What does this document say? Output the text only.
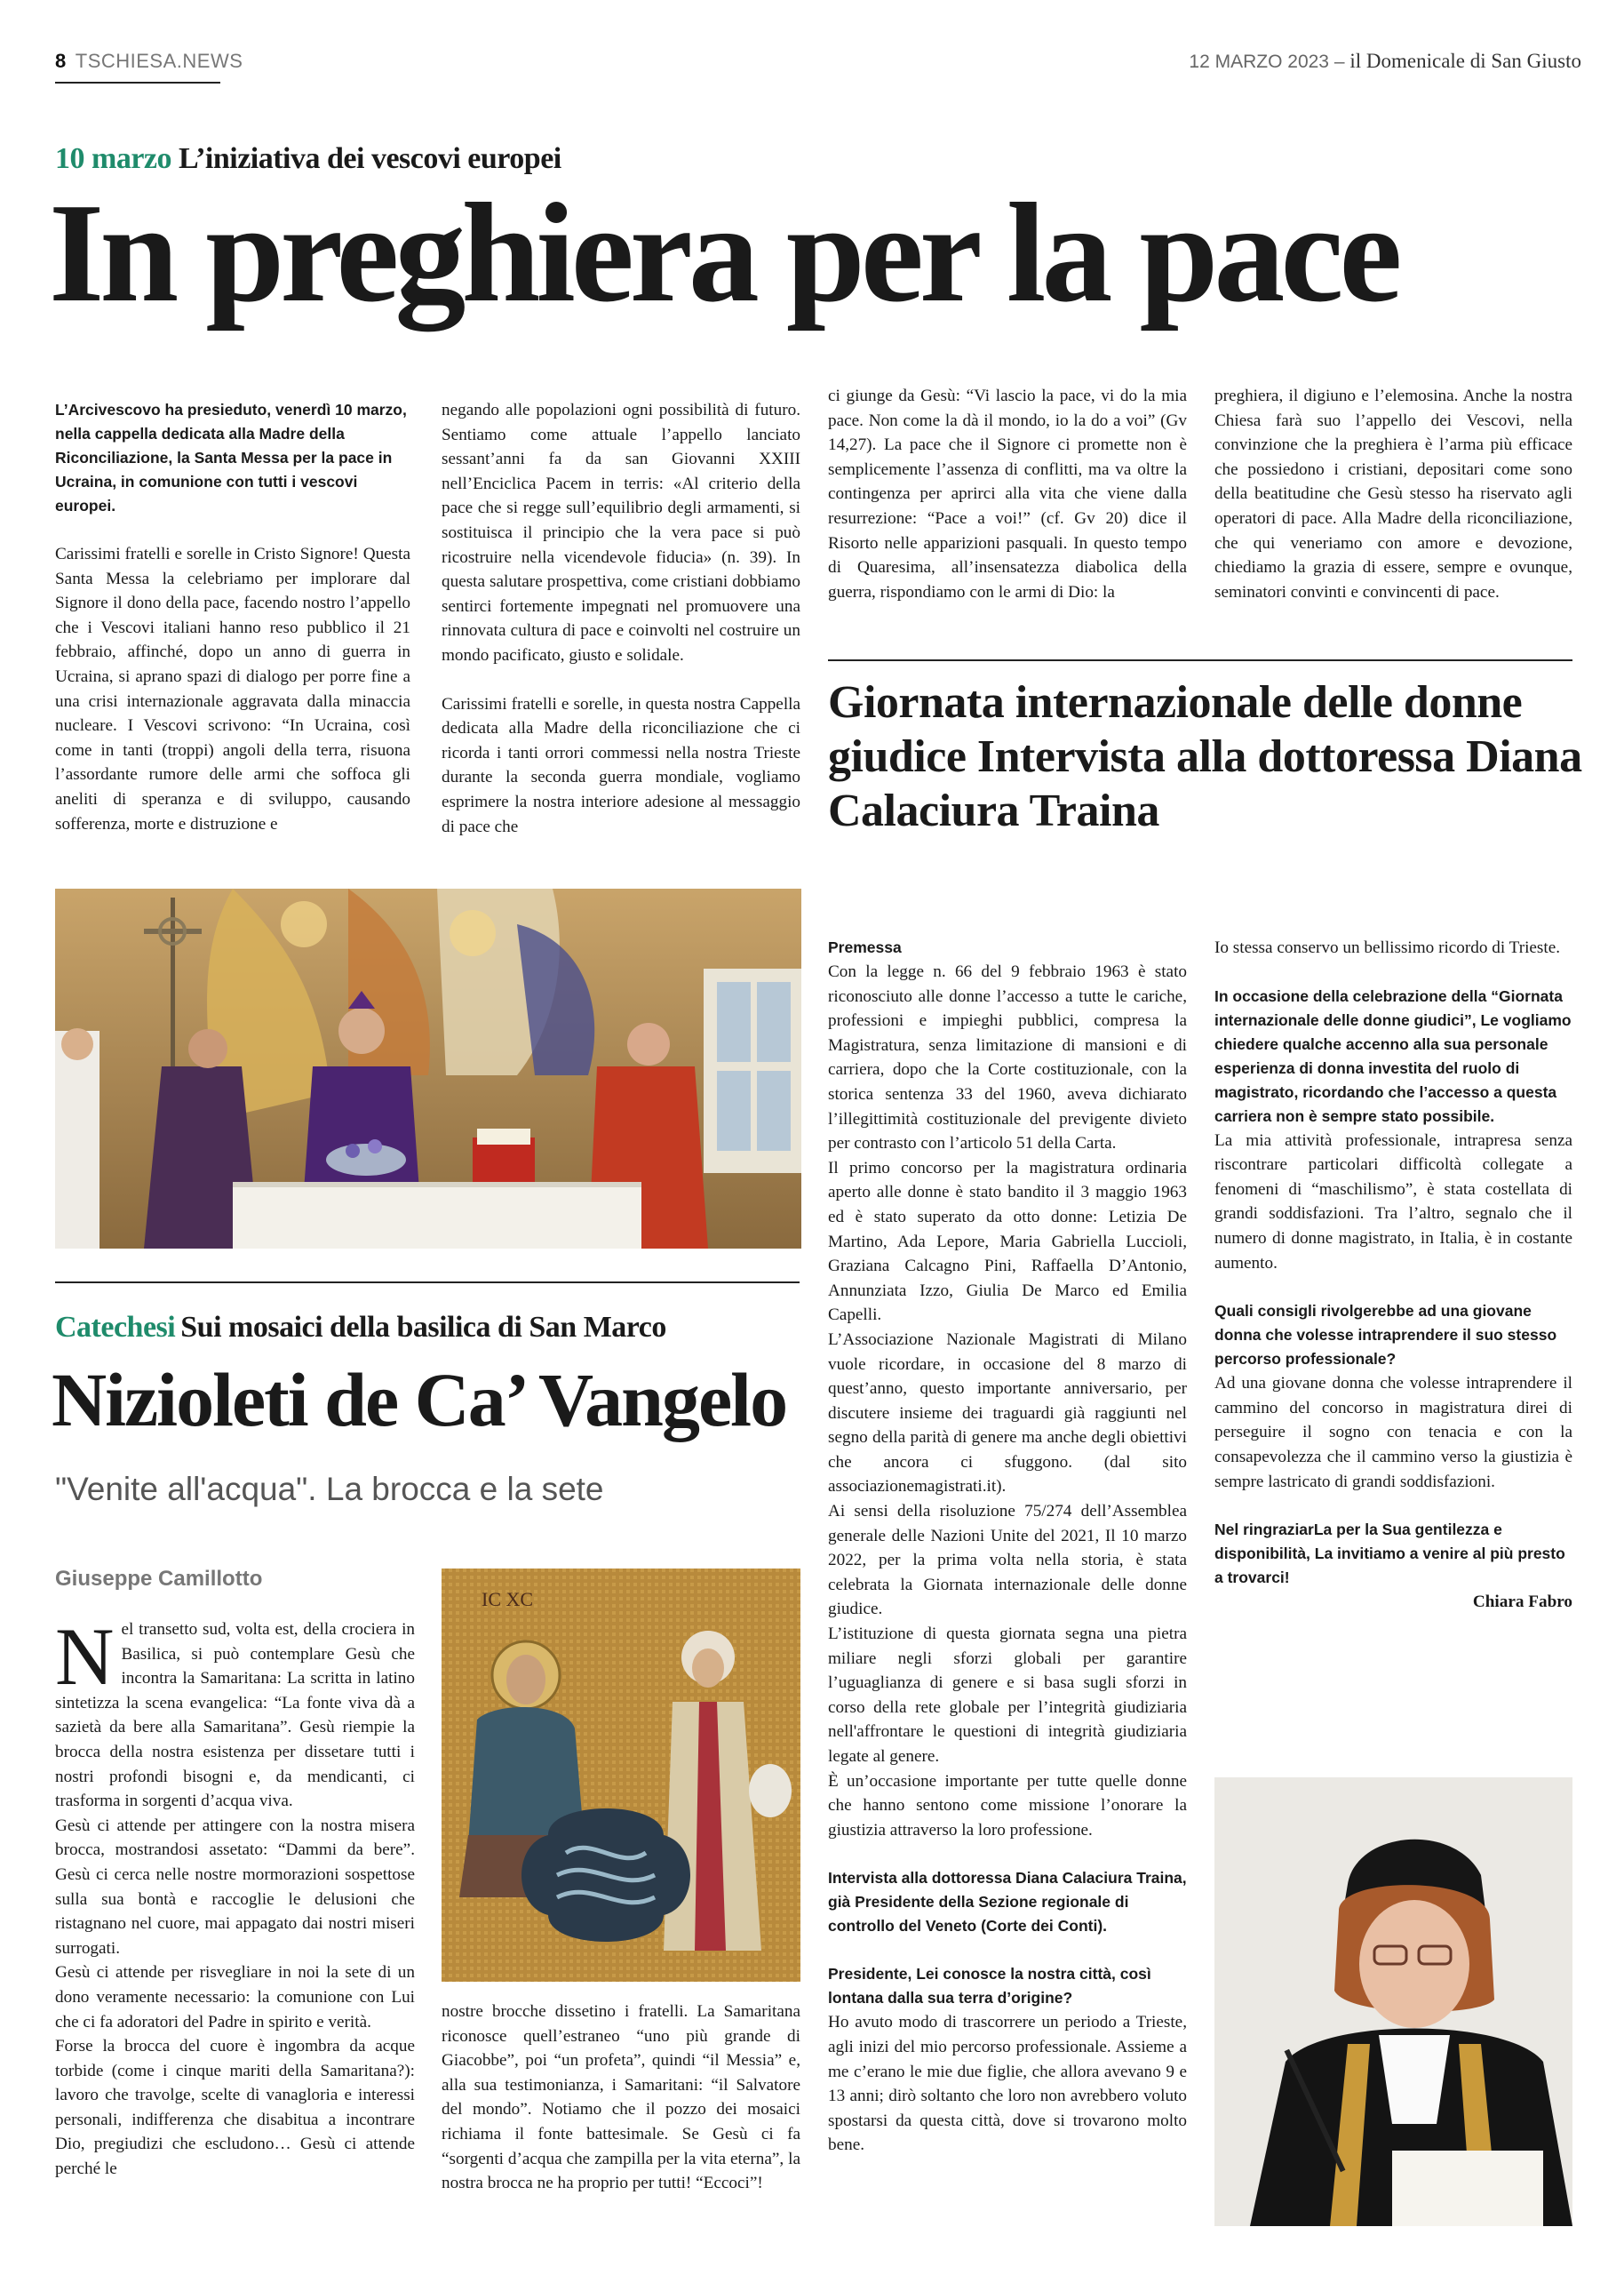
8 TSCHIESA.NEWS	12 MARZO 2023 – il Domenicale di San Giusto
10 marzo L’iniziativa dei vescovi europei
In preghiera per la pace

L’Arcivescovo ha presieduto, venerdì 10 marzo, nella cappella dedicata alla Madre della Riconciliazione, la Santa Messa per la pace in Ucraina, in comunione con tutti i vescovi europei.

Carissimi fratelli e sorelle in Cristo Signore! Questa Santa Messa la celebriamo per implorare dal Signore il dono della pace, facendo nostro l’appello che i Vescovi italiani hanno reso pubblico il 21 febbraio, affinché, dopo un anno di guerra in Ucraina, si aprano spazi di dialogo per porre fine a una crisi internazionale aggravata dalla minaccia nucleare. I Vescovi scrivono: “In Ucraina, così come in tanti (troppi) angoli della terra, risuona l’assordante rumore delle armi che soffoca gli aneliti di speranza e di sviluppo, causando sofferenza, morte e distruzione e

negando alle popolazioni ogni possibilità di futuro. Sentiamo come attuale l’appello lanciato sessant’anni fa da san Giovanni XXIII nell’Enciclica Pacem in terris: «Al criterio della pace che si regge sull’equilibrio degli armamenti, si sostituisca il principio che la vera pace si può ricostruire nella vicendevole fiducia» (n. 39). In questa salutare prospettiva, come cristiani dobbiamo sentirci fortemente impegnati nel promuovere una rinnovata cultura di pace e coinvolti nel costruire un mondo pacificato, giusto e solidale.

Carissimi fratelli e sorelle, in questa nostra Cappella dedicata alla Madre della riconciliazione che ci ricorda i tanti orrori commessi nella nostra Trieste durante la seconda guerra mondiale, vogliamo esprimere la nostra interiore adesione al messaggio di pace che

ci giunge da Gesù: “Vi lascio la pace, vi do la mia pace. Non come la dà il mondo, io la do a voi” (Gv 14,27). La pace che il Signore ci promette non è semplicemente l’assenza di conflitti, ma va oltre la contingenza per aprirci alla vita che viene dalla resurrezione: “Pace a voi!” (cf. Gv 20) dice il Risorto nelle apparizioni pasquali. In questo tempo di Quaresima, all’insensatezza diabolica della guerra, rispondiamo con le armi di Dio: la

preghiera, il digiuno e l’elemosina. Anche la nostra Chiesa farà suo l’appello dei Vescovi, nella convinzione che la preghiera è l’arma più efficace che possiedono i cristiani, depositari come sono della beatitudine che Gesù stesso ha riservato agli operatori di pace. Alla Madre della riconciliazione, che qui veneriamo con amore e devozione, chiediamo la grazia di essere, sempre e ovunque, seminatori convinti e convincenti di pace.

Giornata internazionale delle donne giudice Intervista alla dottoressa Diana Calaciura Traina

Premessa

Con la legge n. 66 del 9 febbraio 1963 è stato riconosciuto alle donne l’accesso a tutte le cariche, professioni e impieghi pubblici, compresa la Magistratura, senza limitazione di mansioni e di carriera, dopo che la Corte costituzionale, con la storica sentenza 33 del 1960, aveva dichiarato l’illegittimità costituzionale del previgente divieto per contrasto con l’articolo 51 della Carta.

Il primo concorso per la magistratura ordinaria aperto alle donne è stato bandito il 3 maggio 1963 ed è stato superato da otto donne: Letizia De Martino, Ada Lepore, Maria Gabriella Luccioli, Graziana Calcagno Pini, Raffaella D’Antonio, Annunziata Izzo, Giulia De Marco ed Emilia Capelli.

L’Associazione Nazionale Magistrati di Milano vuole ricordare, in occasione del 8 marzo di quest’anno, questo importante anniversario, per discutere insieme dei traguardi già raggiunti nel segno della parità di genere ma anche degli obiettivi che ancora ci sfuggono. (dal sito associazionemagistrati.it).

Ai sensi della risoluzione 75/274 dell’Assemblea generale delle Nazioni Unite del 2021, Il 10 marzo 2022, per la prima volta nella storia, è stata celebrata la Giornata internazionale delle donne giudice.

L’istituzione di questa giornata segna una pietra miliare negli sforzi globali per garantire l’uguaglianza di genere e si basa sugli sforzi in corso della rete globale per l’integrità giudiziaria nell'affrontare le questioni di integrità giudiziaria legate al genere.

È un’occasione importante per tutte quelle donne che hanno sentono come missione l’onorare la giustizia attraverso la loro professione.

Intervista alla dottoressa Diana Calaciura Traina, già Presidente della Sezione regionale di controllo del Veneto (Corte dei Conti).

Presidente, Lei conosce la nostra città, così lontana dalla sua terra d’origine?

Ho avuto modo di trascorrere un periodo a Trieste, agli inizi del mio percorso professionale. Assieme a me c’erano le mie due figlie, che allora avevano 9 e 13 anni; dirò soltanto che loro non avrebbero voluto spostarsi da questa città, dove si trovarono molto bene.

Io stessa conservo un bellissimo ricordo di Trieste.

In occasione della celebrazione della “Giornata internazionale delle donne giudici”, Le vogliamo chiedere qualche accenno alla sua personale esperienza di donna investita del ruolo di magistrato, ricordando che l’accesso a questa carriera non è sempre stato possibile.

La mia attività professionale, intrapresa senza riscontrare particolari difficoltà collegate a fenomeni di “maschilismo”, è stata costellata di grandi soddisfazioni. Tra l’altro, segnalo che il numero di donne magistrato, in Italia, è in costante aumento.

Quali consigli rivolgerebbe ad una giovane donna che volesse intraprendere il suo stesso percorso professionale?

Ad una giovane donna che volesse intraprendere il cammino del concorso in magistratura direi di perseguire il sogno con tenacia e con la consapevolezza che il cammino verso la giustizia è sempre lastricato di grandi soddisfazioni.

Nel ringraziarLa per la Sua gentilezza e disponibilità, La invitiamo a venire al più presto a trovarci!

Chiara Fabro

Catechesi Sui mosaici della basilica di San Marco
Nizioleti de Ca’ Vangelo
"Venite all'acqua". La brocca e la sete
Giuseppe Camillotto

Nel transetto sud, volta est, della crociera in Basilica, si può contemplare Gesù che incontra la Samaritana: La scritta in latino sintetizza la scena evangelica: “La fonte viva dà a sazietà da bere alla Samaritana”. Gesù riempie la brocca della nostra esistenza per dissetare tutti i nostri profondi bisogni e, da mendicanti, ci trasforma in sorgenti d’acqua viva.

Gesù ci attende per attingere con la nostra misera brocca, mostrandosi assetato: “Dammi da bere”. Gesù ci cerca nelle nostre mormorazioni sospettose sulla sua bontà e raccoglie le delusioni che ristagnano nel cuore, mai appagato dai nostri miseri surrogati.

Gesù ci attende per risvegliare in noi la sete di un dono veramente necessario: la comunione con Lui che ci fa adoratori del Padre in spirito e verità.

Forse la brocca del cuore è ingombra da acque torbide (come i cinque mariti della Samaritana?): lavoro che travolge, scelte di vanagloria e interessi personali, indifferenza che disabitua a incontrare Dio, pregiudizi che escludono… Gesù ci attende perché le

IC XC

nostre brocche dissetino i fratelli. La Samaritana riconosce quell’estraneo “uno più grande di Giacobbe”, poi “un profeta”, quindi “il Messia” e, alla sua testimonianza, i Samaritani: “il Salvatore del mondo”. Notiamo che il pozzo dei mosaici richiama il fonte battesimale. Se Gesù ci fa “sorgenti d’acqua che zampilla per la vita eterna”, la nostra brocca ne ha proprio per tutti! “Eccoci”!
